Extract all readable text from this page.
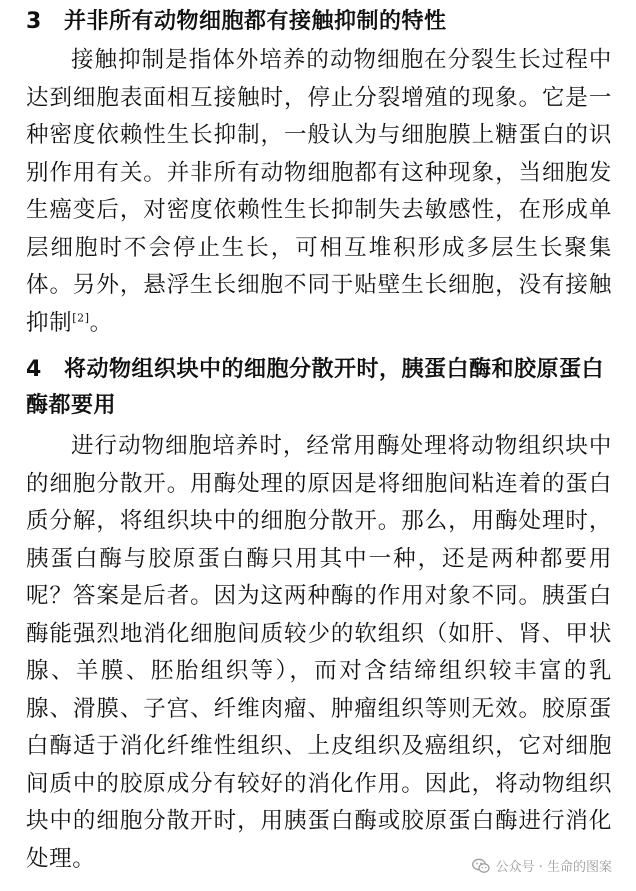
3 并非所有动物细胞都有接触抑制的特性

接触抑制是指体外培养的动物细胞在分裂生长过程中达到细胞表面相互接触时，停止分裂增殖的现象。它是一种密度依赖性生长抑制，一般认为与细胞膜上糖蛋白的识别作用有关。并非所有动物细胞都有这种现象，当细胞发生癌变后，对密度依赖性生长抑制失去敏感性，在形成单层细胞时不会停止生长，可相互堆积形成多层生长聚集体。另外，悬浮生长细胞不同于贴壁生长细胞，没有接触抑制[2]。

4 将动物组织块中的细胞分散开时，胰蛋白酶和胶原蛋白酶都要用

进行动物细胞培养时，经常用酶处理将动物组织块中的细胞分散开。用酶处理的原因是将细胞间粘连着的蛋白质分解，将组织块中的细胞分散开。那么，用酶处理时，胰蛋白酶与胶原蛋白酶只用其中一种，还是两种都要用呢？答案是后者。因为这两种酶的作用对象不同。胰蛋白酶能强烈地消化细胞间质较少的软组织（如肝、肾、甲状腺、羊膜、胚胎组织等），而对含结缔组织较丰富的乳腺、滑膜、子宫、纤维肉瘤、肿瘤组织等则无效。胶原蛋白酶适于消化纤维性组织、上皮组织及癌组织，它对细胞间质中的胶原成分有较好的消化作用。因此，将动物组织块中的细胞分散开时，用胰蛋白酶或胶原蛋白酶进行消化处理。	公众号 · 生命的图案
